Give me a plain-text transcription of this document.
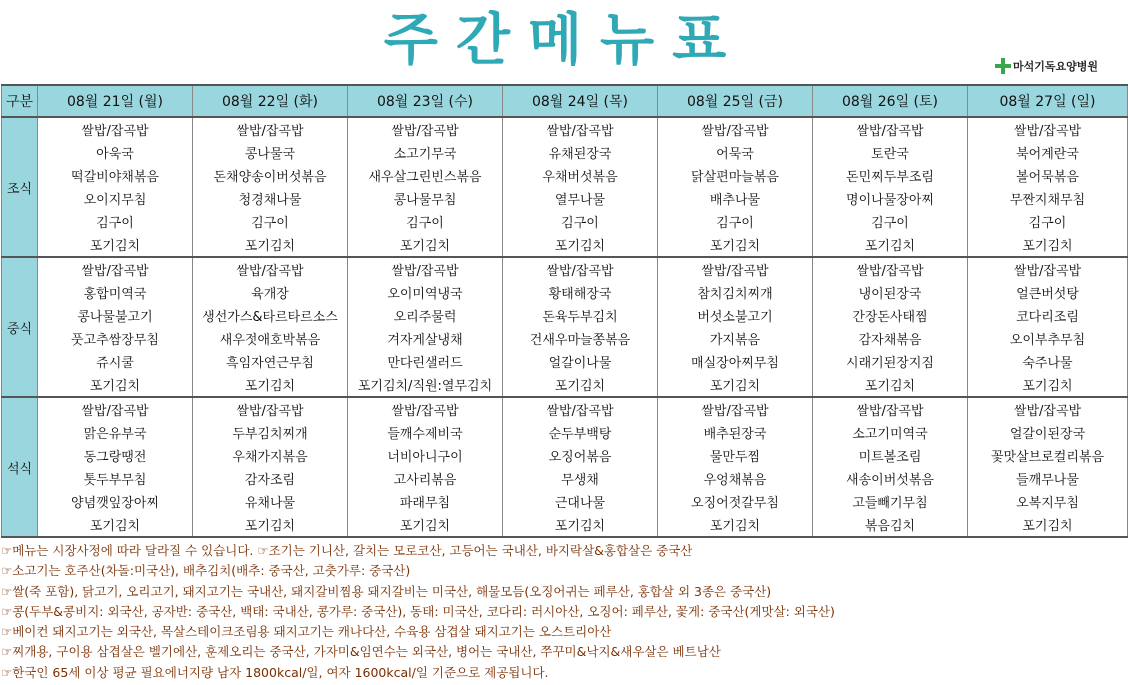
주간메뉴표	마석기독요양병원
구분	08월 21일 (월)	08월 22일 (화)	08월 23일 (수)	08월 24일 (목)	08월 25일 (금)	08월 26일 (토)	08월 27일 (일)
조식	쌀밥/잡곡밥	쌀밥/잡곡밥	쌀밥/잡곡밥	쌀밥/잡곡밥	쌀밥/잡곡밥	쌀밥/잡곡밥	쌀밥/잡곡밥
	아욱국	콩나물국	소고기무국	유채된장국	어묵국	토란국	북어계란국
	떡갈비야채볶음	돈채양송이버섯볶음	새우살그린빈스볶음	우채버섯볶음	닭살편마늘볶음	돈민찌두부조림	볼어묵볶음
	오이지무침	청경채나물	콩나물무침	열무나물	배추나물	명이나물장아찌	무짠지채무침
	김구이	김구이	김구이	김구이	김구이	김구이	김구이
	포기김치	포기김치	포기김치	포기김치	포기김치	포기김치	포기김치
중식	쌀밥/잡곡밥	쌀밥/잡곡밥	쌀밥/잡곡밥	쌀밥/잡곡밥	쌀밥/잡곡밥	쌀밥/잡곡밥	쌀밥/잡곡밥
	홍합미역국	육개장	오이미역냉국	황태해장국	참치김치찌개	냉이된장국	얼큰버섯탕
	콩나물불고기	생선가스&타르타르소스	오리주물럭	돈육두부김치	버섯소불고기	간장돈사태찜	코다리조림
	풋고추쌈장무침	새우젓애호박볶음	겨자게살냉채	건새우마늘쫑볶음	가지볶음	감자채볶음	오이부추무침
	쥬시쿨	흑임자연근무침	만다린샐러드	얼갈이나물	매실장아찌무침	시래기된장지짐	숙주나물
	포기김치	포기김치	포기김치/직원:열무김치	포기김치	포기김치	포기김치	포기김치
석식	쌀밥/잡곡밥	쌀밥/잡곡밥	쌀밥/잡곡밥	쌀밥/잡곡밥	쌀밥/잡곡밥	쌀밥/잡곡밥	쌀밥/잡곡밥
	맑은유부국	두부김치찌개	들깨수제비국	순두부백탕	배추된장국	소고기미역국	얼갈이된장국
	동그랑땡전	우채가지볶음	너비아니구이	오징어볶음	물만두찜	미트볼조림	꽃맛살브로컬리볶음
	톳두부무침	감자조림	고사리볶음	무생채	우엉채볶음	새송이버섯볶음	들깨무나물
	양념깻잎장아찌	유채나물	파래무침	근대나물	오징어젓갈무침	고들빼기무침	오복지무침
	포기김치	포기김치	포기김치	포기김치	포기김치	볶음김치	포기김치
☞메뉴는 시장사정에 따라 달라질 수 있습니다. ☞조기는 기니산, 갈치는 모로코산, 고등어는 국내산, 바지락살&홍합살은 중국산
☞소고기는 호주산(차돌:미국산), 배추김치(배추: 중국산, 고춧가루: 중국산)
☞쌀(죽 포함), 닭고기, 오리고기, 돼지고기는 국내산, 돼지갈비찜용 돼지갈비는 미국산, 해물모듬(오징어귀는 페루산, 홍합살 외 3종은 중국산)
☞콩(두부&콩비지: 외국산, 공자반: 중국산, 백태: 국내산, 콩가루: 중국산), 동태: 미국산, 코다리: 러시아산, 오징어: 페루산, 꽃게: 중국산(게맛살: 외국산)
☞베이컨 돼지고기는 외국산, 목살스테이크조림용 돼지고기는 캐나다산, 수육용 삼겹살 돼지고기는 오스트리아산
☞찌개용, 구이용 삼겹살은 벨기에산, 훈제오리는 중국산, 가자미&임연수는 외국산, 병어는 국내산, 쭈꾸미&낙지&새우살은 베트남산
☞한국인 65세 이상 평균 필요에너지량 남자 1800kcal/일, 여자 1600kcal/일 기준으로 제공됩니다.
